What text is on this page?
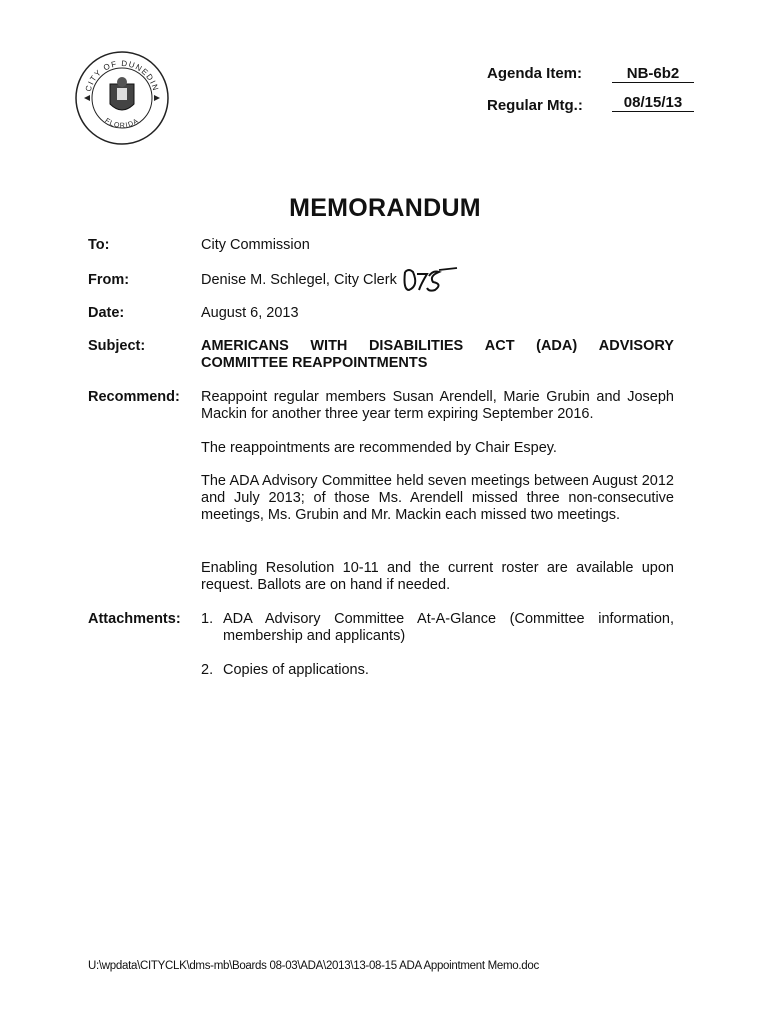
CITY OF DUNEDIN
FLORIDA
Agenda Item:	NB-6b2
Regular Mtg.:	08/15/13
MEMORANDUM
To:	City Commission
From:	Denise M. Schlegel, City Clerk
Date:	August 6, 2013
Subject:	AMERICANS WITH DISABILITIES ACT (ADA) ADVISORY
COMMITTEE REAPPOINTMENTS
Recommend: Reappoint regular members Susan Arendell, Marie Grubin and Joseph Mackin for another three year term expiring September 2016.
The reappointments are recommended by Chair Espey.
The ADA Advisory Committee held seven meetings between August 2012 and July 2013; of those Ms. Arendell missed three non-consecutive meetings, Ms. Grubin and Mr. Mackin each missed two meetings.
Enabling Resolution 10-11 and the current roster are available upon request. Ballots are on hand if needed.
Attachments: 1. ADA Advisory Committee At-A-Glance (Committee information, membership and applicants)
2. Copies of applications.
U:\wpdata\CITYCLK\dms-mb\Boards 08-03\ADA\2013\13-08-15 ADA Appointment Memo.doc
